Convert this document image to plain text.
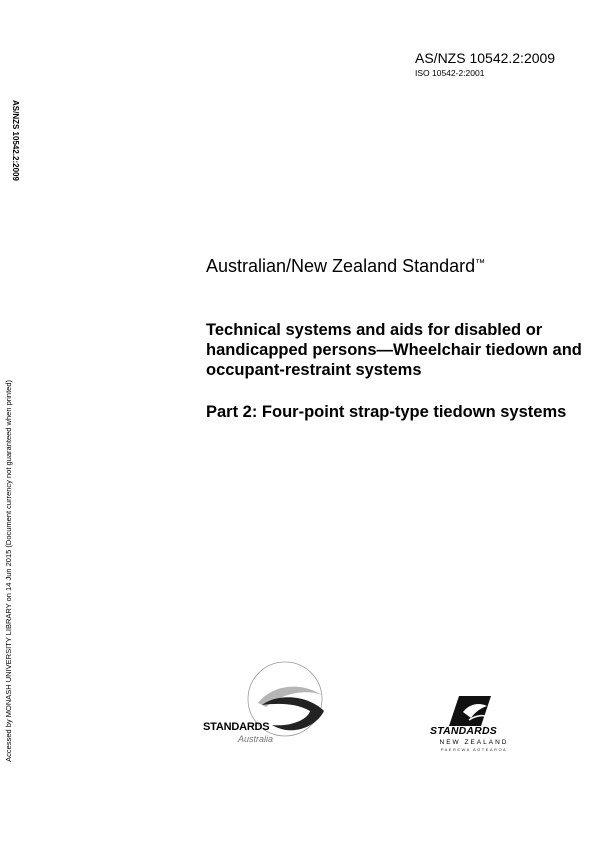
AS/NZS 10542.2:2009
ISO 10542-2:2001
AS/NZS 10542.2:2009
Accessed by MONASH UNIVERSITY LIBRARY on 14 Jun 2015 (Document currency not guaranteed when printed)
Australian/New Zealand Standard™
Technical systems and aids for disabled or handicapped persons—Wheelchair tiedown and occupant-restraint systems
Part 2: Four-point strap-type tiedown systems
STANDARDS
Australia
STANDARDS
NEW ZEALAND
PAEREWA AOTEAROA
